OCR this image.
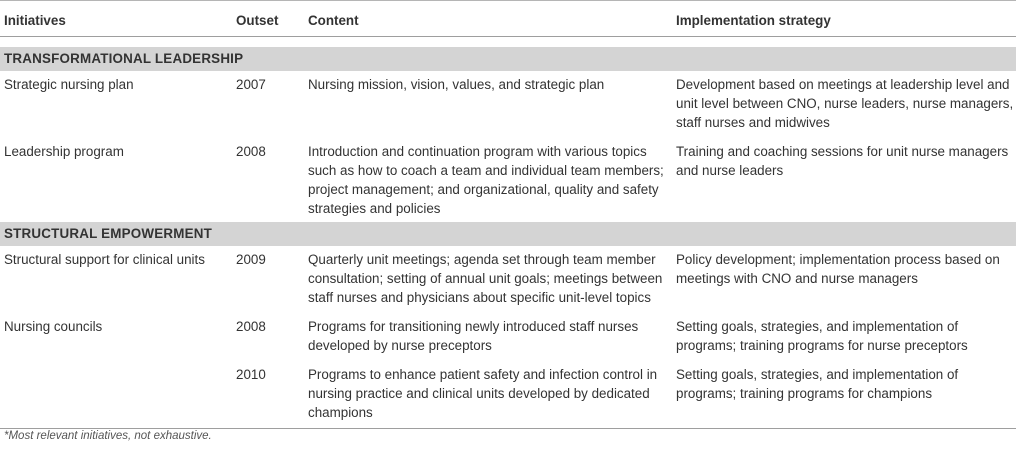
Initiatives	Outset	Content	Implementation strategy

TRANSFORMATIONAL LEADERSHIP			
Strategic nursing plan	2007	Nursing mission, vision, values, and strategic plan	Development based on meetings at leadership level and unit level between CNO, nurse leaders, nurse managers, staff nurses and midwives
Leadership program	2008	Introduction and continuation program with various topics such as how to coach a team and individual team members; project management; and organizational, quality and safety strategies and policies	Training and coaching sessions for unit nurse managers and nurse leaders
STRUCTURAL EMPOWERMENT			
Structural support for clinical units	2009	Quarterly unit meetings; agenda set through team member consultation; setting of annual unit goals; meetings between staff nurses and physicians about specific unit-level topics	Policy development; implementation process based on meetings with CNO and nurse managers
Nursing councils	2008	Programs for transitioning newly introduced staff nurses developed by nurse preceptors	Setting goals, strategies, and implementation of programs; training programs for nurse preceptors
	2010	Programs to enhance patient safety and infection control in nursing practice and clinical units developed by dedicated champions	Setting goals, strategies, and implementation of programs; training programs for champions
*Most relevant initiatives, not exhaustive.
